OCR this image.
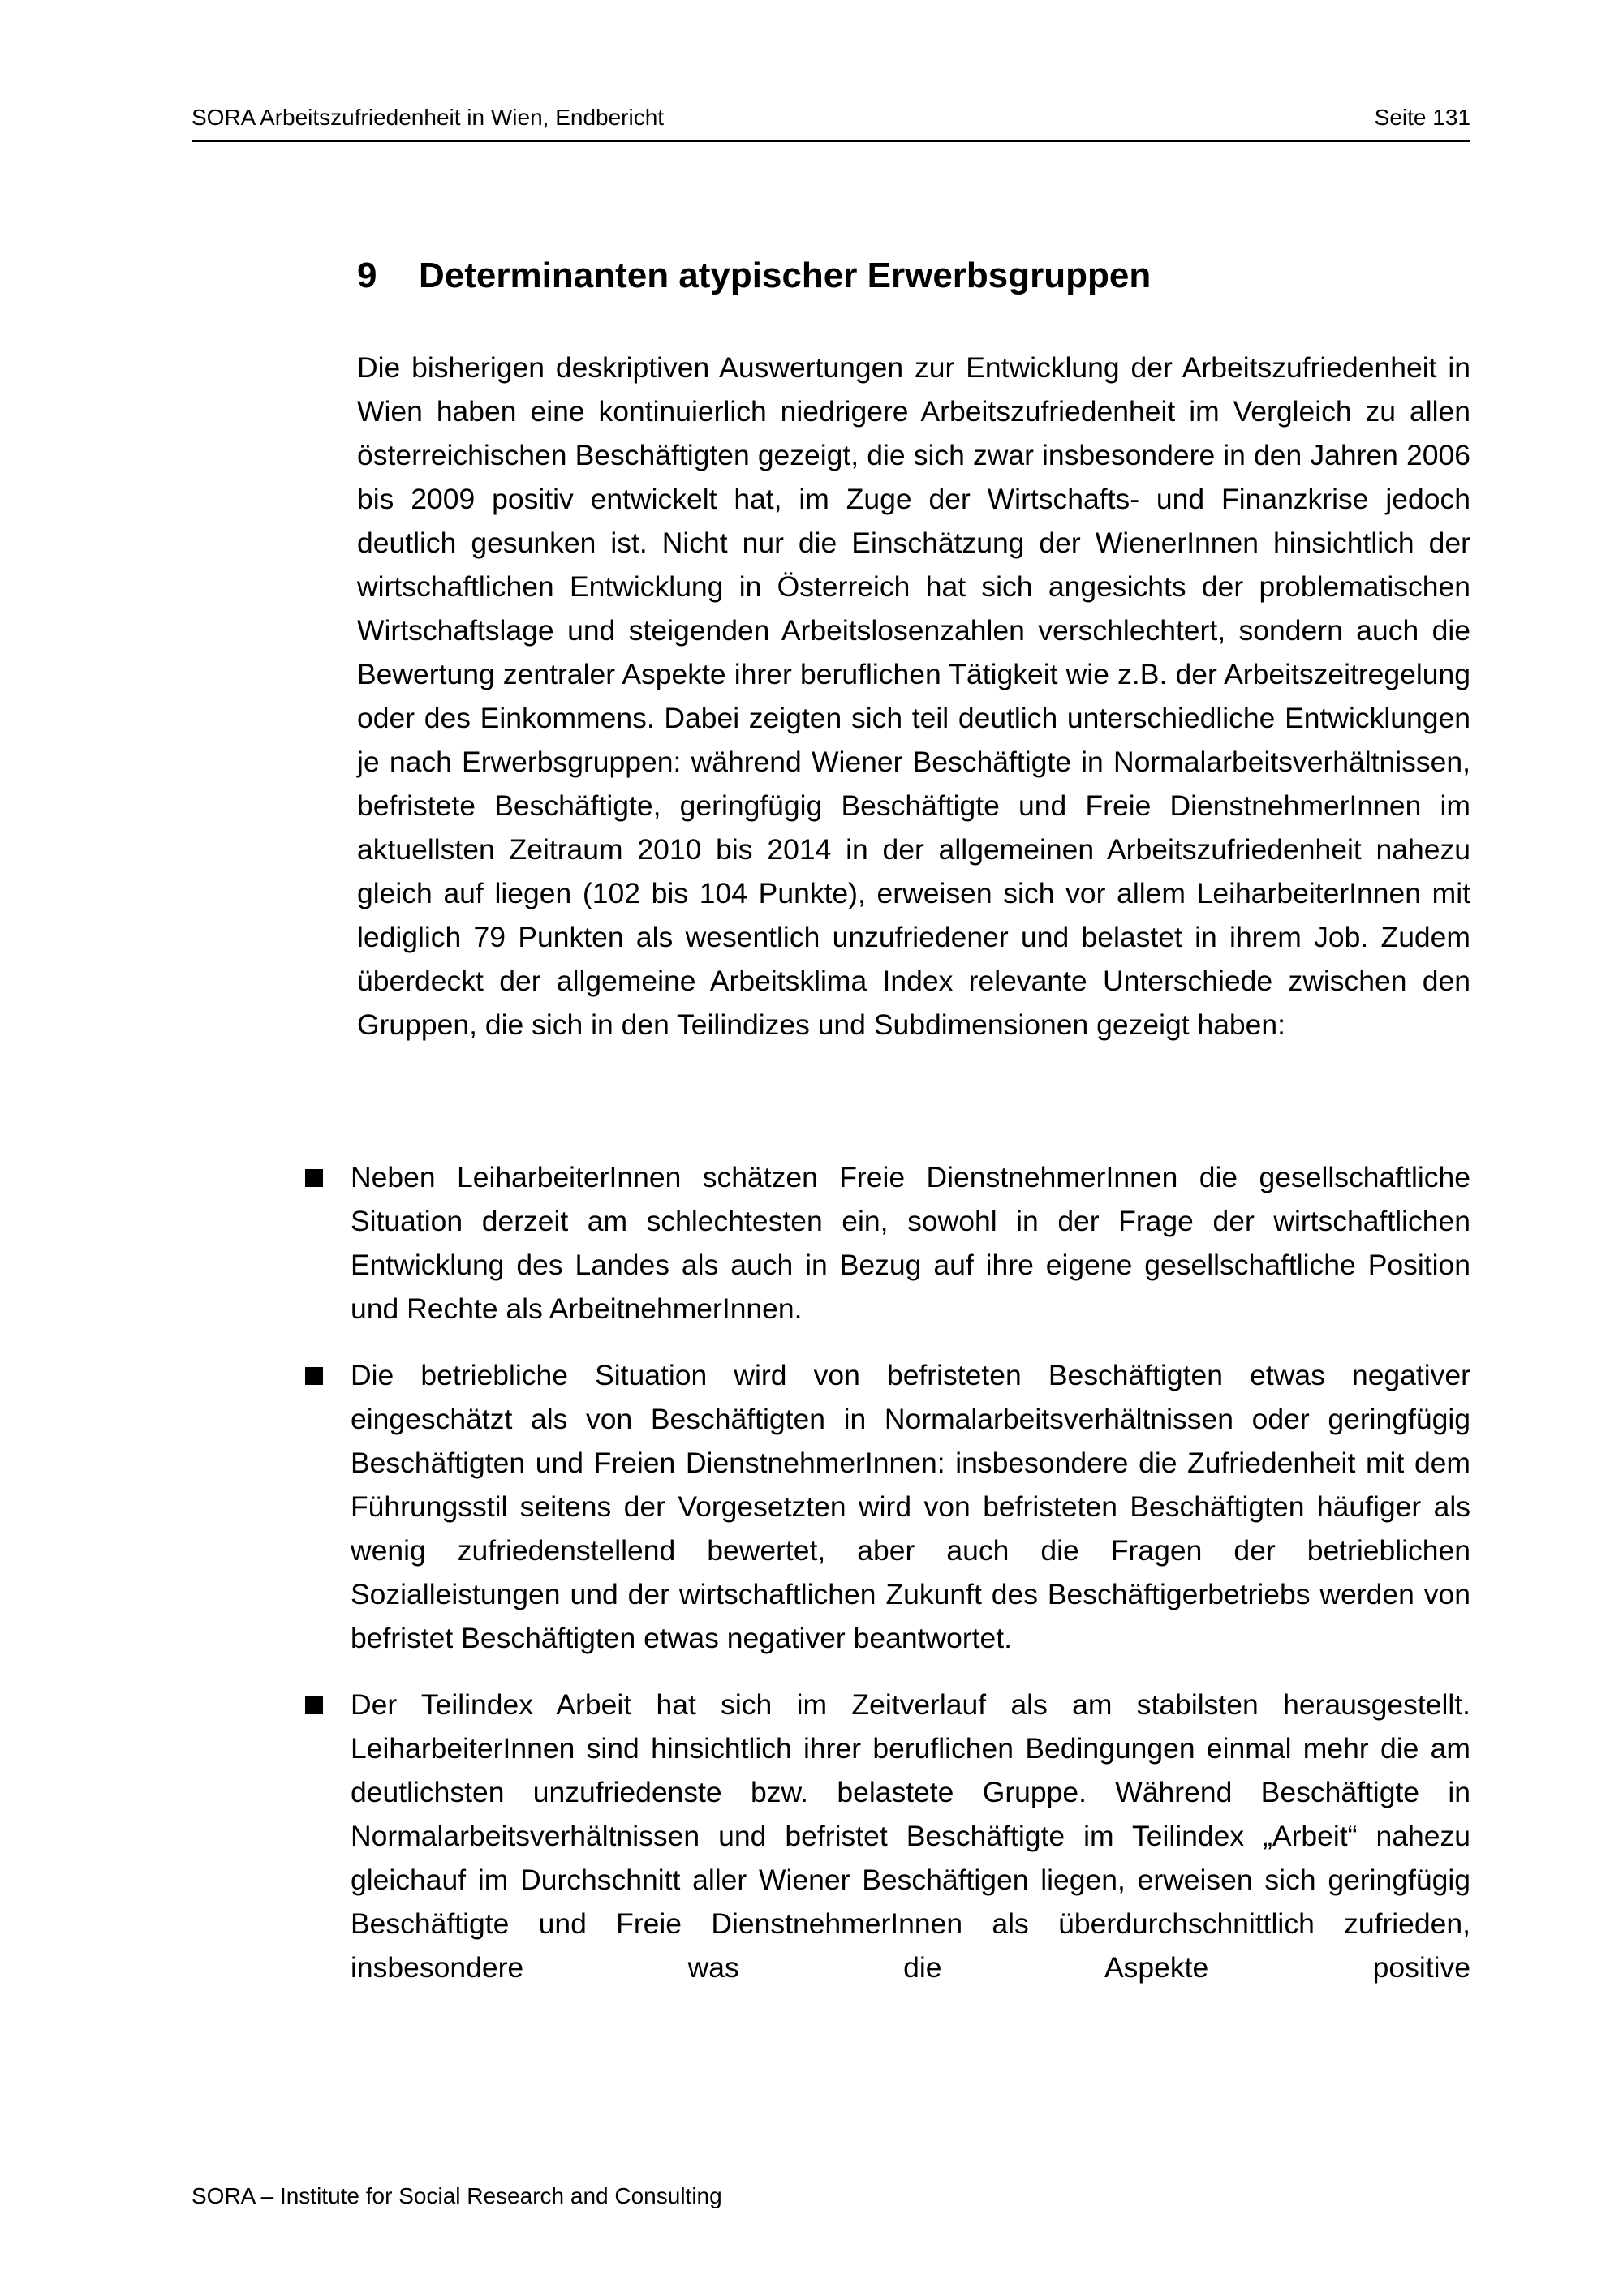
SORA Arbeitszufriedenheit in Wien, Endbericht	Seite 131
9	Determinanten atypischer Erwerbsgruppen

Die bisherigen deskriptiven Auswertungen zur Entwicklung der Arbeitszufriedenheit in Wien haben eine kontinuierlich niedrigere Arbeitszufriedenheit im Vergleich zu allen österreichischen Beschäftigten gezeigt, die sich zwar insbesondere in den Jahren 2006 bis 2009 positiv entwickelt hat, im Zuge der Wirtschafts- und Finanzkrise jedoch deutlich gesunken ist. Nicht nur die Einschätzung der WienerInnen hinsichtlich der wirtschaftlichen Entwicklung in Österreich hat sich angesichts der problematischen Wirtschaftslage und steigenden Arbeitslosenzahlen verschlechtert, sondern auch die Bewertung zentraler Aspekte ihrer beruflichen Tätigkeit wie z.B. der Arbeitszeitregelung oder des Einkommens. Dabei zeigten sich teil deutlich unterschiedliche Entwicklungen je nach Erwerbsgruppen: während Wiener Beschäftigte in Normalarbeitsverhältnissen, befristete Beschäftigte, geringfügig Beschäftigte und Freie DienstnehmerInnen im aktuellsten Zeitraum 2010 bis 2014 in der allgemeinen Arbeitszufriedenheit nahezu gleich auf liegen (102 bis 104 Punkte), erweisen sich vor allem LeiharbeiterInnen mit lediglich 79 Punkten als wesentlich unzufriedener und belastet in ihrem Job. Zudem überdeckt der allgemeine Arbeitsklima Index relevante Unterschiede zwischen den Gruppen, die sich in den Teilindizes und Subdimensionen gezeigt haben:

Neben LeiharbeiterInnen schätzen Freie DienstnehmerInnen die gesellschaftliche Situation derzeit am schlechtesten ein, sowohl in der Frage der wirtschaftlichen Entwicklung des Landes als auch in Bezug auf ihre eigene gesellschaftliche Position und Rechte als ArbeitnehmerInnen.
Die betriebliche Situation wird von befristeten Beschäftigten etwas negativer eingeschätzt als von Beschäftigten in Normalarbeitsverhältnissen oder geringfügig Beschäftigten und Freien DienstnehmerInnen: insbesondere die Zufriedenheit mit dem Führungsstil seitens der Vorgesetzten wird von befristeten Beschäftigten häufiger als wenig zufriedenstellend bewertet, aber auch die Fragen der betrieblichen Sozialleistungen und der wirtschaftlichen Zukunft des Beschäftigerbetriebs werden von befristet Beschäftigten etwas negativer beantwortet.
Der Teilindex Arbeit hat sich im Zeitverlauf als am stabilsten herausgestellt. LeiharbeiterInnen sind hinsichtlich ihrer beruflichen Bedingungen einmal mehr die am deutlichsten unzufriedenste bzw. belastete Gruppe. Während Beschäftigte in Normalarbeitsverhältnissen und befristet Beschäftigte im Teilindex „Arbeit“ nahezu gleichauf im Durchschnitt aller Wiener Beschäftigen liegen, erweisen sich geringfügig Beschäftigte und Freie DienstnehmerInnen als überdurchschnittlich zufrieden, insbesondere was die Aspekte positive
SORA – Institute for Social Research and Consulting
